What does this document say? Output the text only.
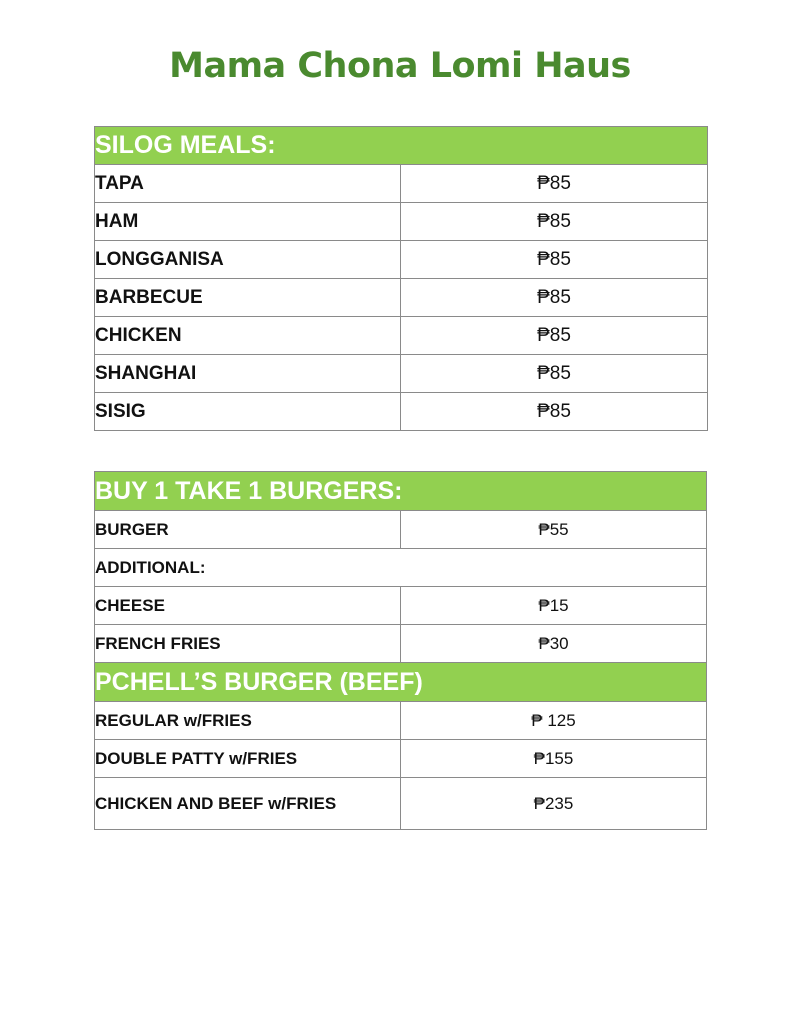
Mama Chona Lomi Haus
SILOG MEALS:	
TAPA	₱85
HAM	₱85
LONGGANISA	₱85
BARBECUE	₱85
CHICKEN	₱85
SHANGHAI	₱85
SISIG	₱85
BUY 1 TAKE 1 BURGERS:	
BURGER	₱55
ADDITIONAL:	
CHEESE	₱15
FRENCH FRIES	₱30
PCHELL’S BURGER (BEEF)	
REGULAR w/FRIES	₱ 125
DOUBLE PATTY w/FRIES	₱155
CHICKEN AND BEEF w/FRIES	₱235
